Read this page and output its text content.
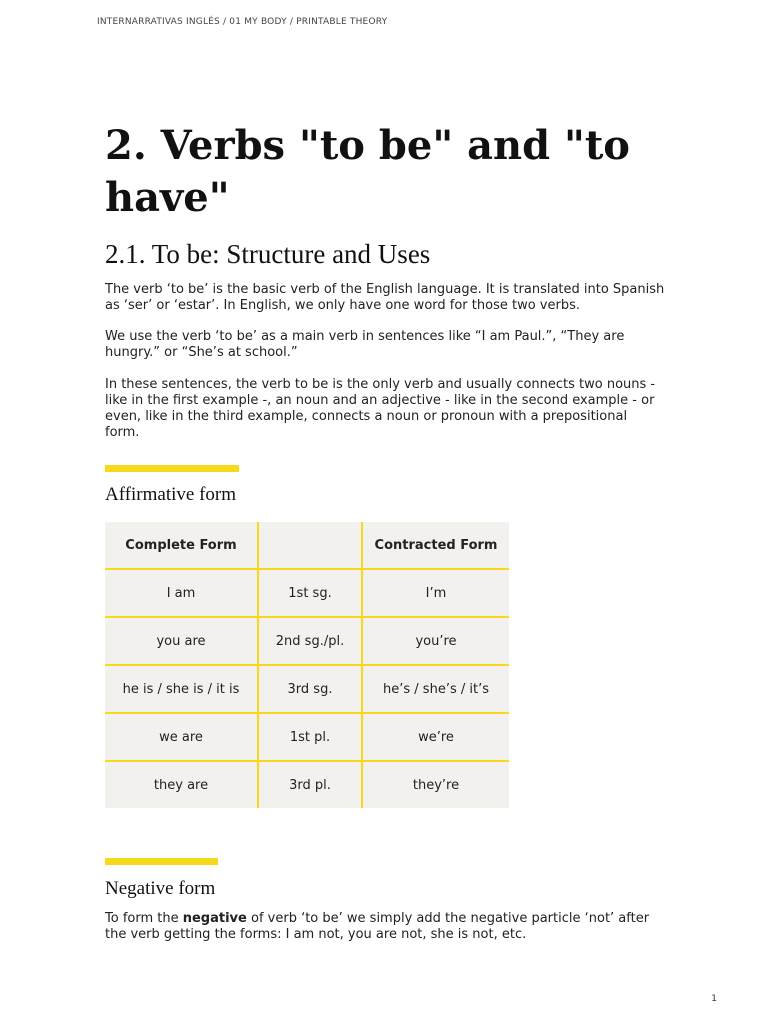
INTERNARRATIVAS INGLÉS / 01 MY BODY / PRINTABLE THEORY
2. Verbs "to be" and "to have"
2.1. To be: Structure and Uses

The verb ‘to be’ is the basic verb of the English language. It is translated into Spanish as ‘ser’ or ‘estar’. In English, we only have one word for those two verbs.

We use the verb ‘to be’ as a main verb in sentences like “I am Paul.”, “They are hungry.” or “She’s at school.”

In these sentences, the verb to be is the only verb and usually connects two nouns - like in the first example -, an noun and an adjective - like in the second example - or even, like in the third example, connects a noun or pronoun with a prepositional form.

Affirmative form
Complete Form		Contracted Form
I am	1st sg.	I’m
you are	2nd sg./pl.	you’re
he is / she is / it is	3rd sg.	he’s / she’s / it’s
we are	1st pl.	we’re
they are	3rd pl.	they’re
Negative form

To form the negative of verb ‘to be’ we simply add the negative particle ‘not’ after the verb getting the forms: I am not, you are not, she is not, etc.

1
